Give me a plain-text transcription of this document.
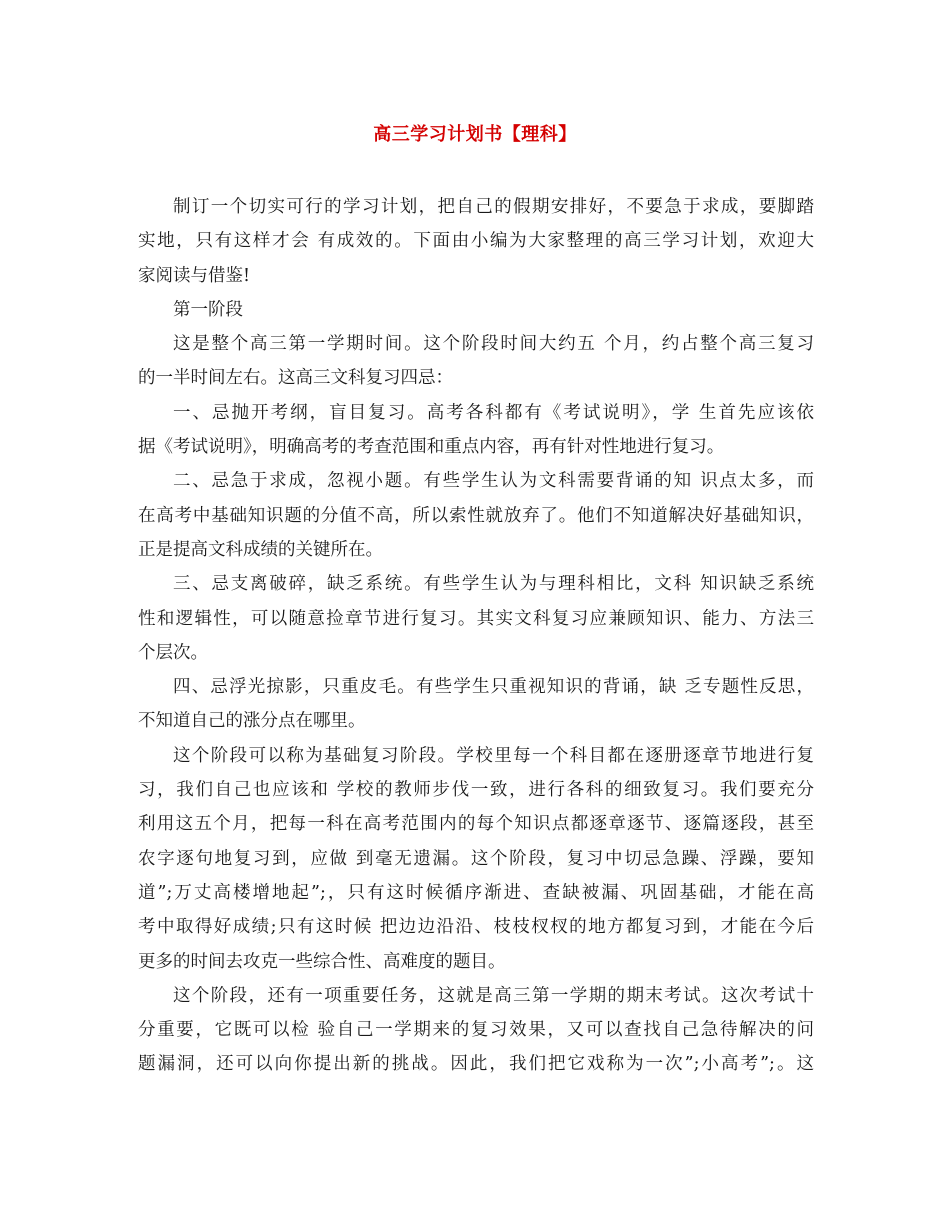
高三学习计划书【理科】
制订一个切实可行的学习计划，把自己的假期安排好，不要急于求成，要脚踏
实地，只有这样才会 有成效的。下面由小编为大家整理的高三学习计划，欢迎大
家阅读与借鉴!
第一阶段
这是整个高三第一学期时间。这个阶段时间大约五 个月，约占整个高三复习
的一半时间左右。这高三文科复习四忌：
一、忌抛开考纲，盲目复习。高考各科都有《考试说明》，学 生首先应该依
据《考试说明》，明确高考的考查范围和重点内容，再有针对性地进行复习。
二、忌急于求成，忽视小题。有些学生认为文科需要背诵的知 识点太多，而
在高考中基础知识题的分值不高，所以索性就放弃了。他们不知道解决好基础知识，
正是提高文科成绩的关键所在。
三、忌支离破碎，缺乏系统。有些学生认为与理科相比，文科 知识缺乏系统
性和逻辑性，可以随意捡章节进行复习。其实文科复习应兼顾知识、能力、方法三
个层次。
四、忌浮光掠影，只重皮毛。有些学生只重视知识的背诵，缺 乏专题性反思，
不知道自己的涨分点在哪里。
这个阶段可以称为基础复习阶段。学校里每一个科目都在逐册逐章节地进行复
习，我们自己也应该和 学校的教师步伐一致，进行各科的细致复习。我们要充分
利用这五个月，把每一科在高考范围内的每个知识点都逐章逐节、逐篇逐段，甚至
农字逐句地复习到，应做 到毫无遗漏。这个阶段，复习中切忌急躁、浮躁，要知
道”;万丈高楼增地起”;，只有这时候循序渐进、查缺被漏、巩固基础，才能在高
考中取得好成绩;只有这时候 把边边沿沿、枝枝杈杈的地方都复习到，才能在今后
更多的时间去攻克一些综合性、高难度的题目。
这个阶段，还有一项重要任务，这就是高三第一学期的期末考试。这次考试十
分重要，它既可以检 验自己一学期来的复习效果，又可以查找自己急待解决的问
题漏洞，还可以向你提出新的挑战。因此，我们把它戏称为一次”;小高考”;。这
